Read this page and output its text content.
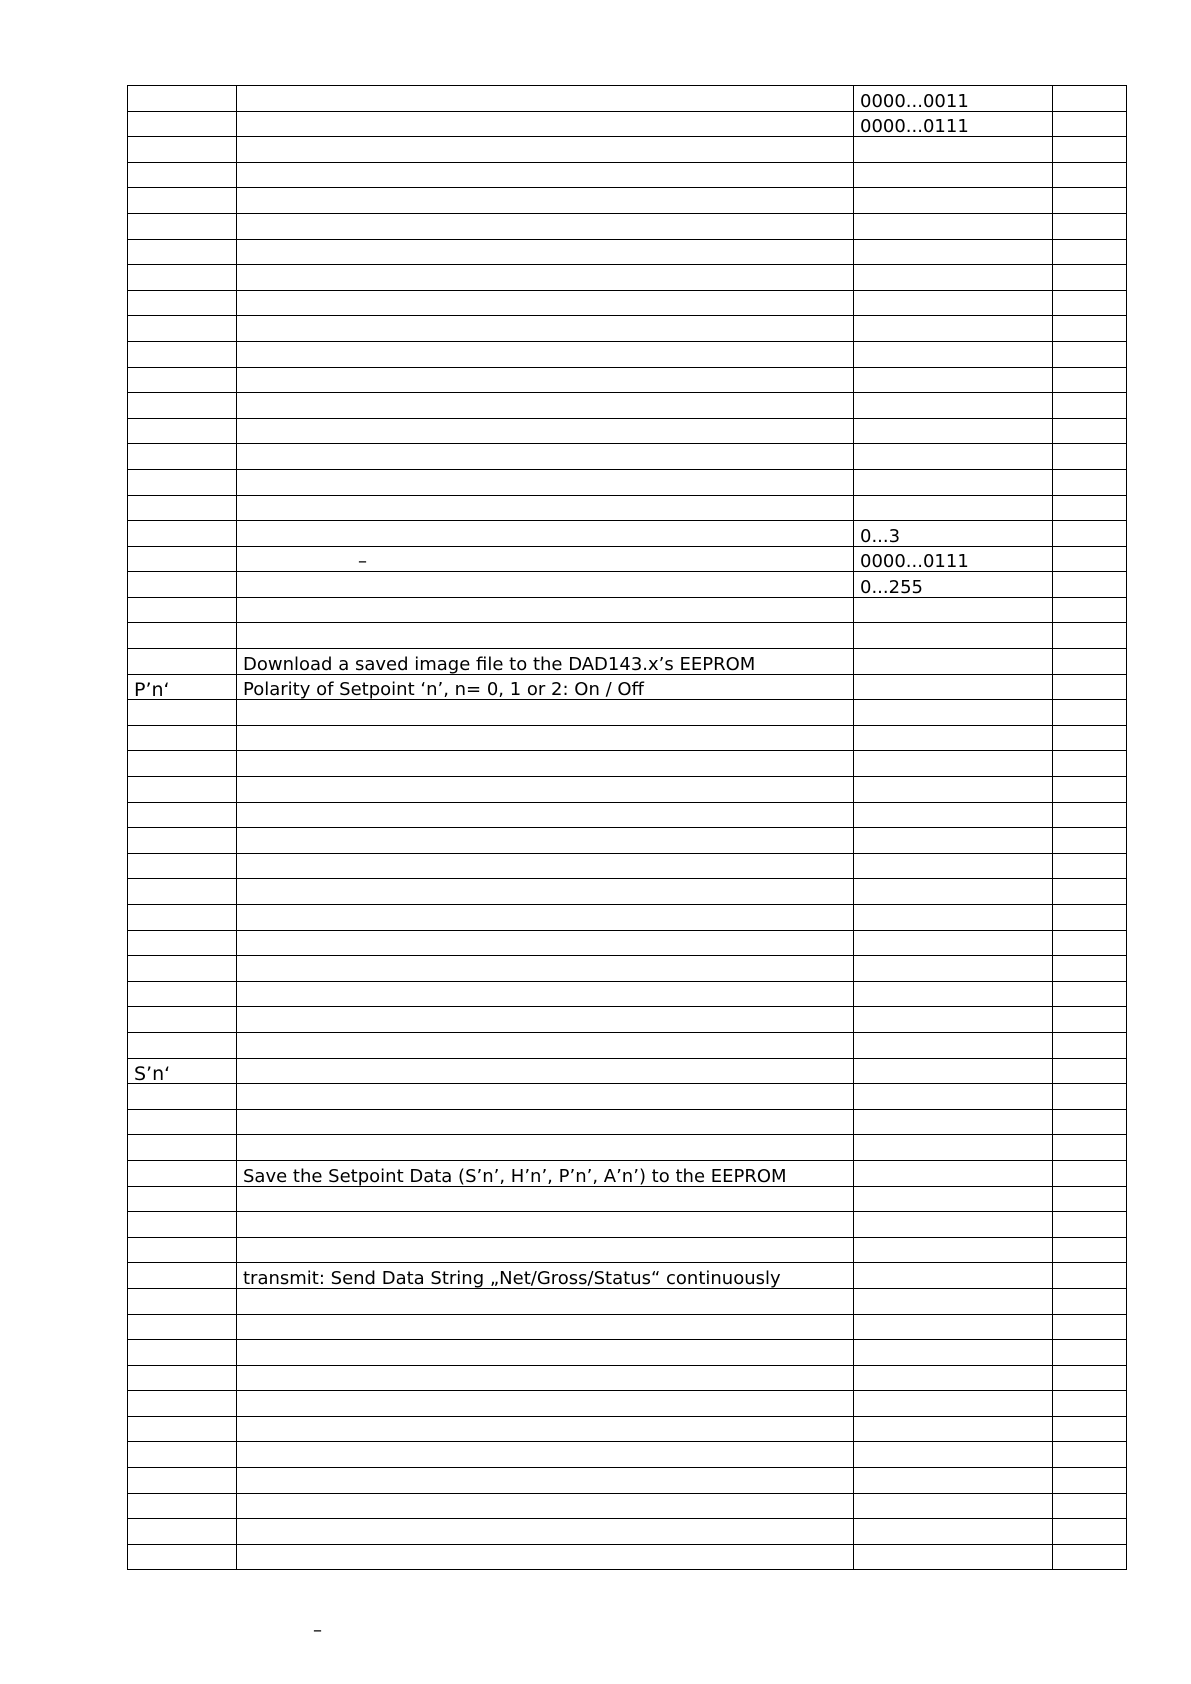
		0000...0011	
		0000...0111	

		0...3	
	–	0000...0111	
		0...255	

	Download a saved image file to the DAD143.x’s EEPROM		
P’n‘	Polarity of Setpoint ‘n’, n= 0, 1 or 2: On / Off		

S’n‘			

	Save the Setpoint Data (S’n’, H’n’, P’n’, A’n’) to the EEPROM		

	transmit: Send Data String „Net/Gross/Status“ continuously		

–
